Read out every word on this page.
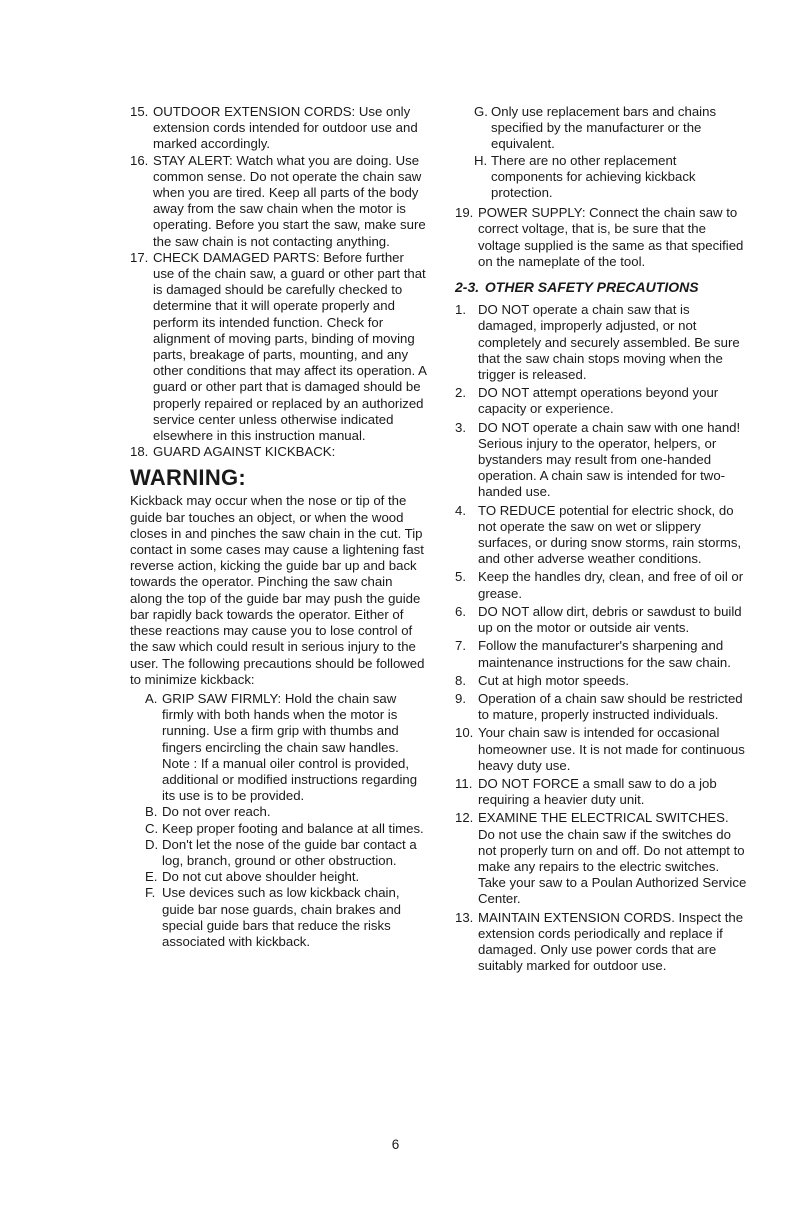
15. OUTDOOR EXTENSION CORDS: Use only extension cords intended for outdoor use and marked accordingly.
16. STAY ALERT: Watch what you are doing. Use common sense. Do not operate the chain saw when you are tired. Keep all parts of the body away from the saw chain when the motor is operating. Before you start the saw, make sure the saw chain is not contacting anything.
17. CHECK DAMAGED PARTS: Before further use of the chain saw, a guard or other part that is damaged should be carefully checked to determine that it will operate properly and perform its intended function. Check for alignment of moving parts, binding of moving parts, breakage of parts, mounting, and any other conditions that may affect its operation. A guard or other part that is damaged should be properly repaired or replaced by an authorized service center unless otherwise indicated elsewhere in this instruction manual.
18. GUARD AGAINST KICKBACK:
WARNING:

Kickback may occur when the nose or tip of the guide bar touches an object, or when the wood closes in and pinches the saw chain in the cut. Tip contact in some cases may cause a lightening fast reverse action, kicking the guide bar up and back towards the operator. Pinching the saw chain along the top of the guide bar may push the guide bar rapidly back towards the operator. Either of these reactions may cause you to lose control of the saw which could result in serious injury to the user. The following precautions should be followed to minimize kickback:

A. GRIP SAW FIRMLY: Hold the chain saw firmly with both hands when the motor is running. Use a firm grip with thumbs and fingers encircling the chain saw handles. Note : If a manual oiler control is provided, additional or modified instructions regarding its use is to be provided.
B. Do not over reach.
C. Keep proper footing and balance at all times.
D. Don't let the nose of the guide bar contact a log, branch, ground or other obstruction.
E. Do not cut above shoulder height.
F. Use devices such as low kickback chain, guide bar nose guards, chain brakes and special guide bars that reduce the risks associated with kickback.
G. Only use replacement bars and chains specified by the manufacturer or the equivalent.
H. There are no other replacement components for achieving kickback protection.
19. POWER SUPPLY: Connect the chain saw to correct voltage, that is, be sure that the voltage supplied is the same as that specified on the nameplate of the tool.
2-3. OTHER SAFETY PRECAUTIONS
1. DO NOT operate a chain saw that is damaged, improperly adjusted, or not completely and securely assembled. Be sure that the saw chain stops moving when the trigger is released.
2. DO NOT attempt operations beyond your capacity or experience.
3. DO NOT operate a chain saw with one hand! Serious injury to the operator, helpers, or bystanders may result from one-handed operation. A chain saw is intended for two-handed use.
4. TO REDUCE potential for electric shock, do not operate the saw on wet or slippery surfaces, or during snow storms, rain storms, and other adverse weather conditions.
5. Keep the handles dry, clean, and free of oil or grease.
6. DO NOT allow dirt, debris or sawdust to build up on the motor or outside air vents.
7. Follow the manufacturer's sharpening and maintenance instructions for the saw chain.
8. Cut at high motor speeds.
9. Operation of a chain saw should be restricted to mature, properly instructed individuals.
10. Your chain saw is intended for occasional homeowner use. It is not made for continuous heavy duty use.
11. DO NOT FORCE a small saw to do a job requiring a heavier duty unit.
12. EXAMINE THE ELECTRICAL SWITCHES. Do not use the chain saw if the switches do not properly turn on and off. Do not attempt to make any repairs to the electric switches. Take your saw to a Poulan Authorized Service Center.
13. MAINTAIN EXTENSION CORDS. Inspect the extension cords periodically and replace if damaged. Only use power cords that are suitably marked for outdoor use.
6
